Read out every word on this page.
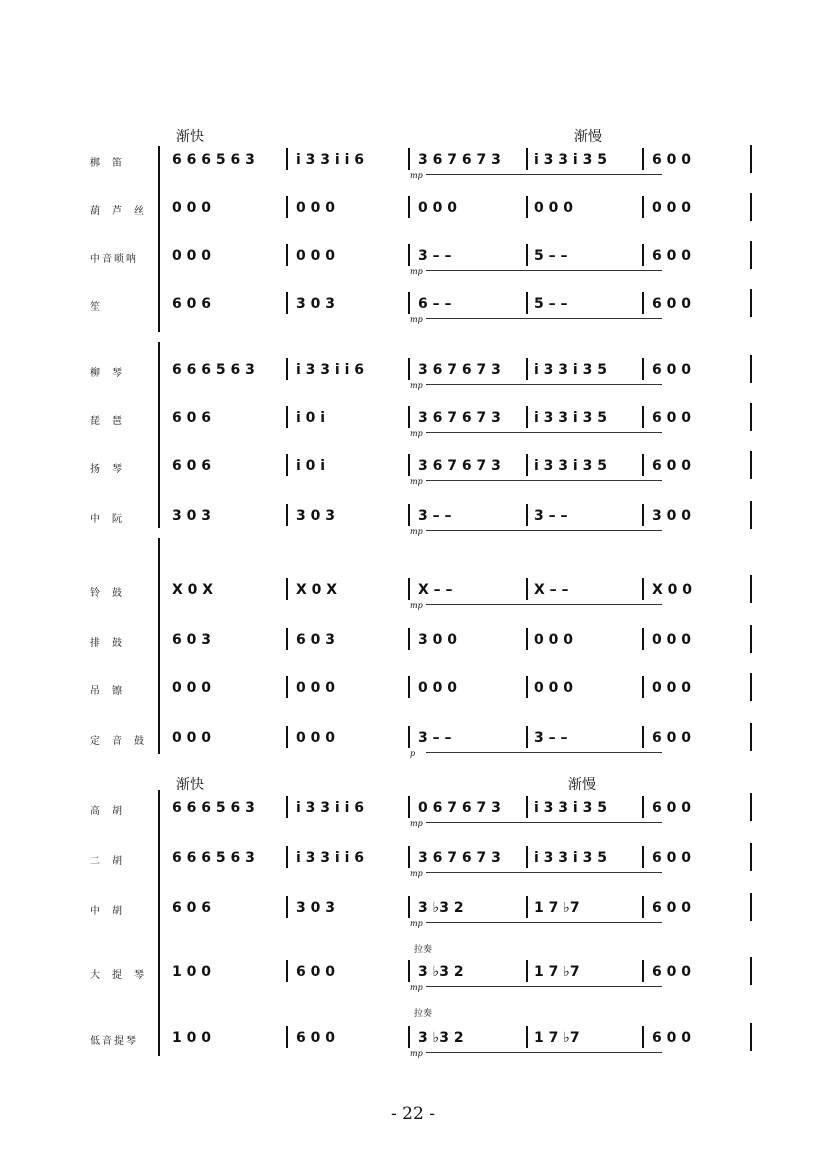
渐快	渐慢
渐快	渐慢
拉奏
拉奏
梆笛	6 6 6 5 6 3	i 3 3 i i 6	3 6 7 6 7 3	i 3 3 i 3 5	6 0 0
mp
葫芦丝 0 0 0	0 0 0	0 0 0	0 0 0	0 0 0
中音唢呐	0 0 0	0 0 0	3 – –	5 – –	6 0 0
mp
笙	6 0 6	3 0 3	6 – –	5 – –	6 0 0
mp
柳琴	6 6 6 5 6 3	i 3 3 i i 6	3 6 7 6 7 3	i 3 3 i 3 5	6 0 0
mp
琵琶	6 0 6	i 0 i	3 6 7 6 7 3	i 3 3 i 3 5	6 0 0
mp
扬琴	6 0 6	i 0 i	3 6 7 6 7 3	i 3 3 i 3 5	6 0 0
mp
中阮	3 0 3	3 0 3	3 – –	3 – –	3 0 0
mp
铃鼓	X 0 X	X 0 X	X – –	X – –	X 0 0
mp
排鼓	6 0 3	6 0 3	3 0 0	0 0 0	0 0 0
吊镲	0 0 0	0 0 0	0 0 0	0 0 0	0 0 0
定音鼓 0 0 0	0 0 0	3 – –	3 – –	6 0 0
p
高胡	6 6 6 5 6 3	i 3 3 i i 6	0 6 7 6 7 3	i 3 3 i 3 5	6 0 0
mp
二胡	6 6 6 5 6 3	i 3 3 i i 6	3 6 7 6 7 3	i 3 3 i 3 5	6 0 0
mp
中胡	6 0 6	3 0 3	3 ♭3 2	1 7 ♭7	6 0 0
mp
大提琴 1 0 0	6 0 0	3 ♭3 2	1 7 ♭7	6 0 0
mp
低音提琴	1 0 0	6 0 0	3 ♭3 2	1 7 ♭7	6 0 0
mp
- 22 -
